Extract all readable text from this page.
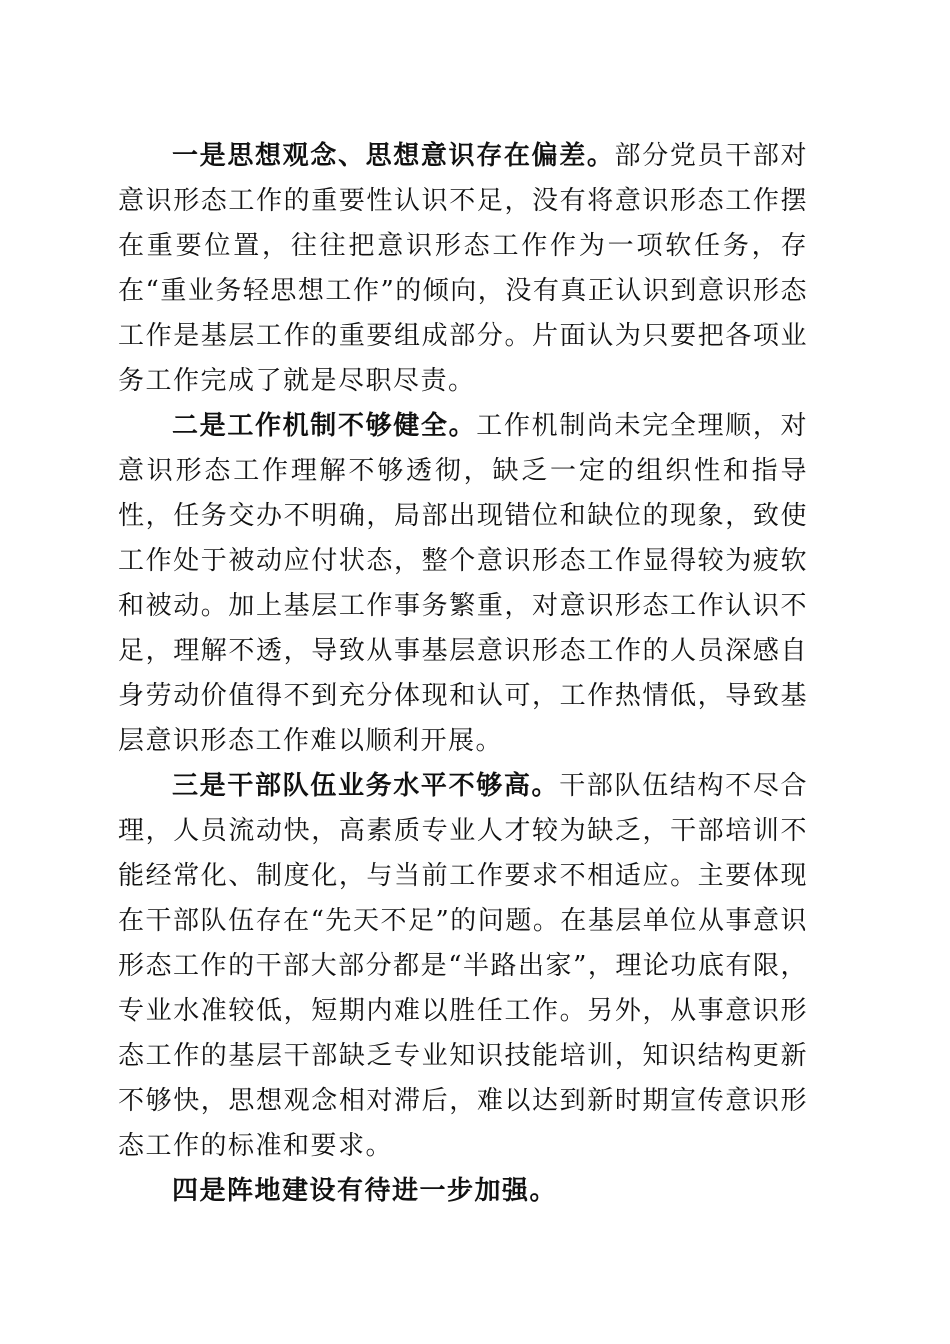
一是思想观念、思想意识存在偏差。部分党员干部对意识形态工作的重要性认识不足，没有将意识形态工作摆在重要位置，往往把意识形态工作作为一项软任务，存在“重业务轻思想工作”的倾向，没有真正认识到意识形态工作是基层工作的重要组成部分。片面认为只要把各项业务工作完成了就是尽职尽责。

二是工作机制不够健全。工作机制尚未完全理顺，对意识形态工作理解不够透彻，缺乏一定的组织性和指导性，任务交办不明确，局部出现错位和缺位的现象，致使工作处于被动应付状态，整个意识形态工作显得较为疲软和被动。加上基层工作事务繁重，对意识形态工作认识不足，理解不透，导致从事基层意识形态工作的人员深感自身劳动价值得不到充分体现和认可，工作热情低，导致基层意识形态工作难以顺利开展。

三是干部队伍业务水平不够高。干部队伍结构不尽合理，人员流动快，高素质专业人才较为缺乏，干部培训不能经常化、制度化，与当前工作要求不相适应。主要体现在干部队伍存在“先天不足”的问题。在基层单位从事意识形态工作的干部大部分都是“半路出家”，理论功底有限，专业水准较低，短期内难以胜任工作。另外，从事意识形态工作的基层干部缺乏专业知识技能培训，知识结构更新不够快，思想观念相对滞后，难以达到新时期宣传意识形态工作的标准和要求。

四是阵地建设有待进一步加强。
